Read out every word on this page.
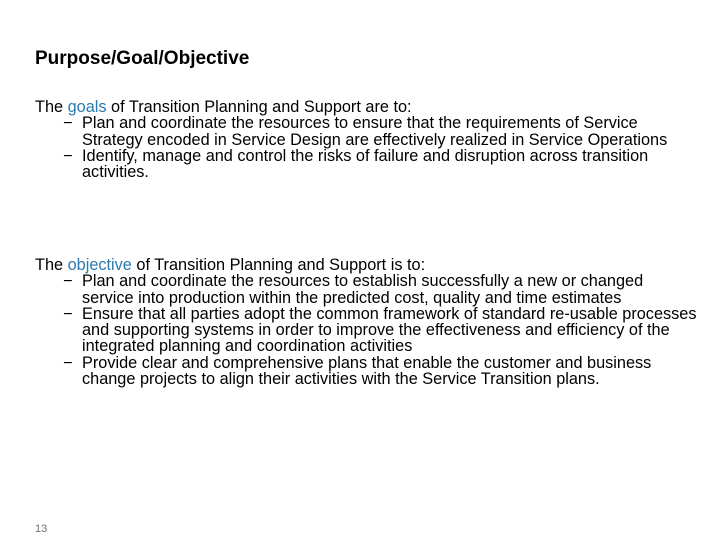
Purpose/Goal/Objective

The goals of Transition Planning and Support are to:

− Plan and coordinate the resources to ensure that the requirements of Service Strategy encoded in Service Design are effectively realized in Service Operations
− Identify, manage and control the risks of failure and disruption across transition activities.

The objective of Transition Planning and Support is to:

− Plan and coordinate the resources to establish successfully a new or changed service into production within the predicted cost, quality and time estimates
− Ensure that all parties adopt the common framework of standard re-usable processes and supporting systems in order to improve the effectiveness and efficiency of the integrated planning and coordination activities
− Provide clear and comprehensive plans that enable the customer and business change projects to align their activities with the Service Transition plans.
13
